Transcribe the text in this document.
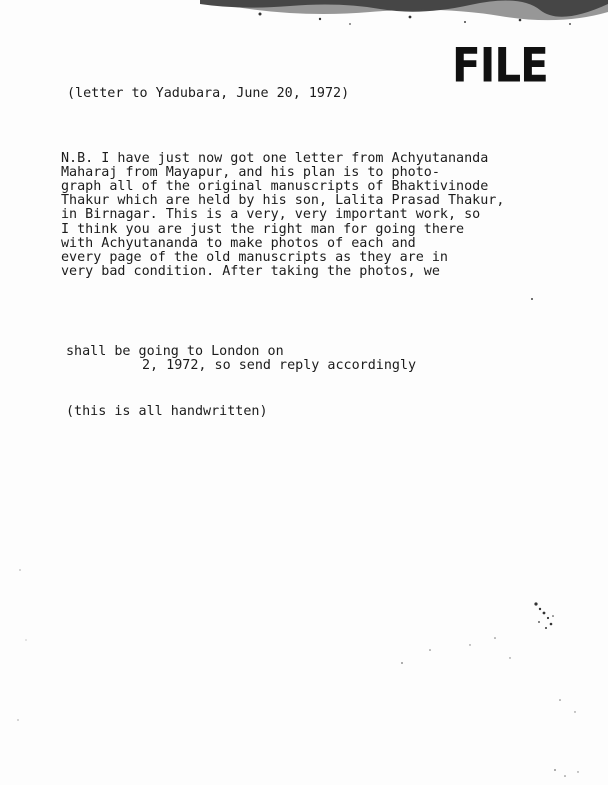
FILE
(letter to Yadubara, June 20, 1972)
N.B. I have just now got one letter from Achyutananda
Maharaj from Mayapur, and his plan is to photo-
graph all of the original manuscripts of Bhaktivinode
Thakur which are held by his son, Lalita Prasad Thakur,
in Birnagar. This is a very, very important work, so
I think you are just the right man for going there
with Achyutananda to make photos of each and
every page of the old manuscripts as they are in
very bad condition. After taking the photos, we
shall be going to London on
2, 1972, so send reply accordingly
(this is all handwritten)
